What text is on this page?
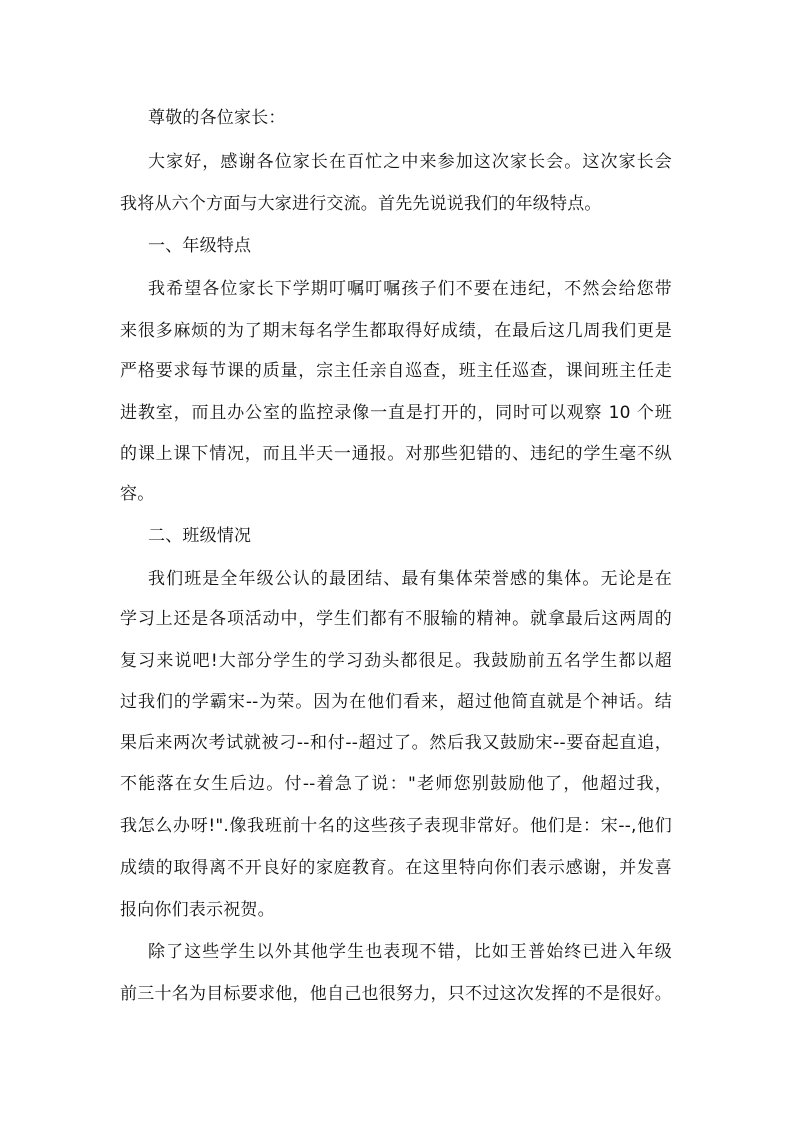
尊敬的各位家长：
大家好，感谢各位家长在百忙之中来参加这次家长会。这次家长会
我将从六个方面与大家进行交流。首先先说说我们的年级特点。
一、年级特点
我希望各位家长下学期叮嘱叮嘱孩子们不要在违纪，不然会给您带
来很多麻烦的为了期末每名学生都取得好成绩，在最后这几周我们更是
严格要求每节课的质量，宗主任亲自巡查，班主任巡查，课间班主任走
进教室，而且办公室的监控录像一直是打开的，同时可以观察 10 个班
的课上课下情况，而且半天一通报。对那些犯错的、违纪的学生毫不纵
容。
二、班级情况
我们班是全年级公认的最团结、最有集体荣誉感的集体。无论是在
学习上还是各项活动中，学生们都有不服输的精神。就拿最后这两周的
复习来说吧!大部分学生的学习劲头都很足。我鼓励前五名学生都以超
过我们的学霸宋--为荣。因为在他们看来，超过他简直就是个神话。结
果后来两次考试就被刁--和付--超过了。然后我又鼓励宋--要奋起直追，
不能落在女生后边。付--着急了说："老师您别鼓励他了，他超过我，
我怎么办呀!".像我班前十名的这些孩子表现非常好。他们是：宋--,他们
成绩的取得离不开良好的家庭教育。在这里特向你们表示感谢，并发喜
报向你们表示祝贺。
除了这些学生以外其他学生也表现不错，比如王普始终已进入年级
前三十名为目标要求他，他自己也很努力，只不过这次发挥的不是很好。
